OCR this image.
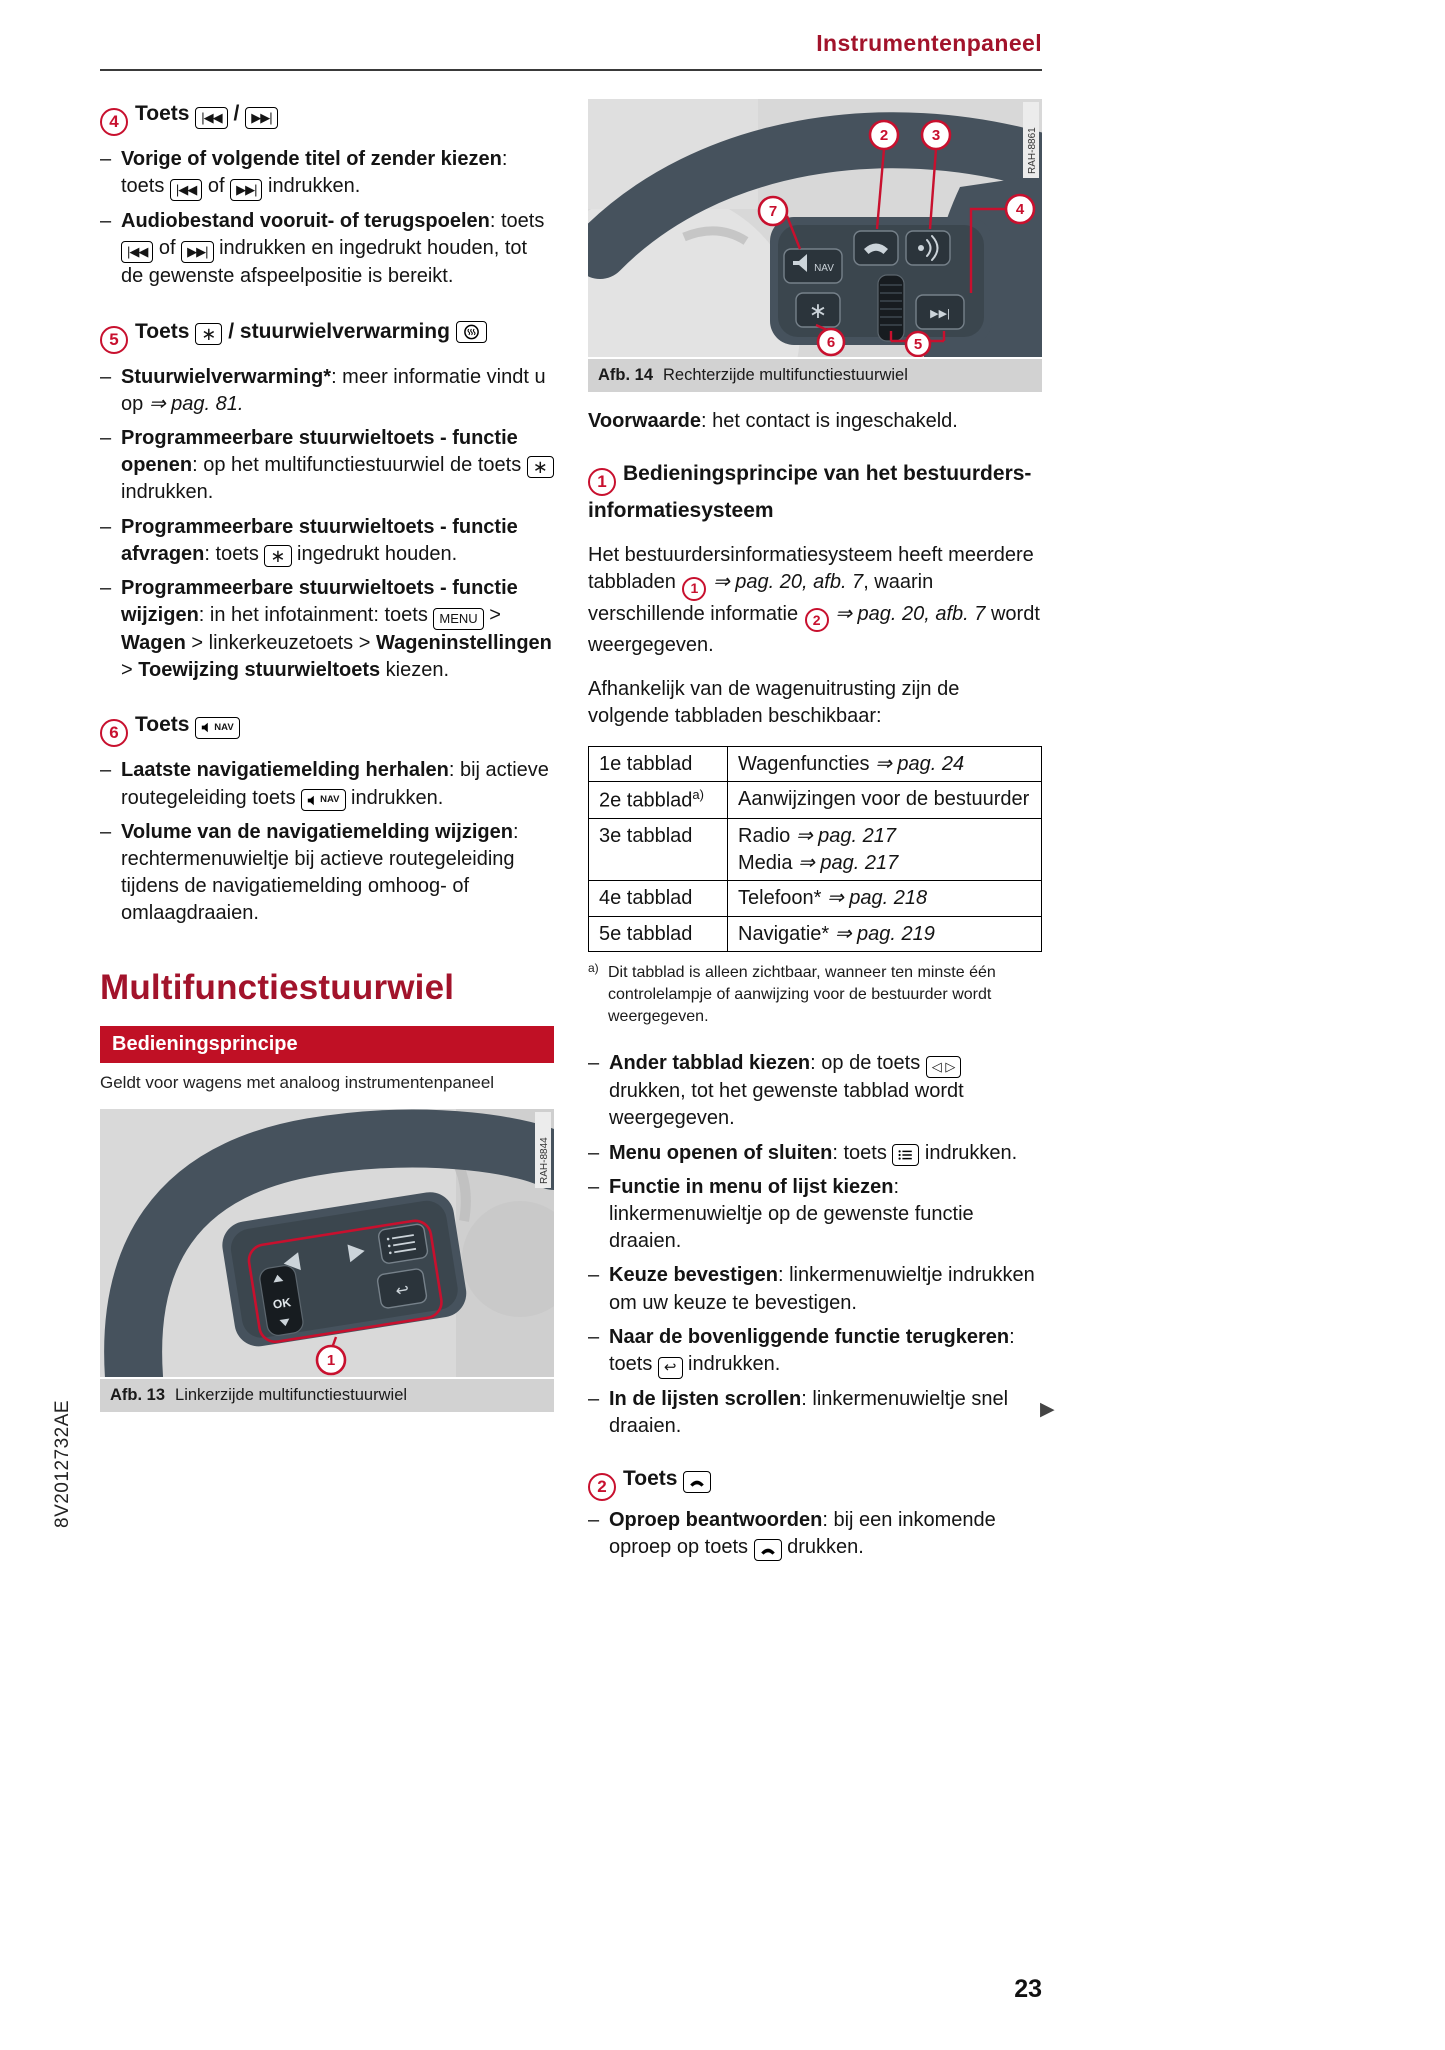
8V2012732AE
Instrumentenpaneel
4 Toets |◀◀ / ▶▶|
– Vorige of volgende titel of zender kiezen: toets |◀◀ of ▶▶| indrukken.
– Audiobestand vooruit- of terugspoelen: toets
|◀◀ of ▶▶| indrukken en ingedrukt houden, tot de gewenste afspeelpositie is bereikt.
5 Toets ∗ / stuurwielverwarming
– Stuurwielverwarming*: meer informatie vindt u op ⇒ pag. 81.
– Programmeerbare stuurwieltoets - functie openen: op het multifunctiestuurwiel de toets ∗
indrukken.
– Programmeerbare stuurwieltoets - functie afvragen: toets ∗ ingedrukt houden.
– Programmeerbare stuurwieltoets - functie wijzigen: in het infotainment: toets MENU > Wagen > linkerkeuzetoets > Wageninstellingen > Toewijzing stuurwieltoets kiezen.
6 Toets	NAV
– Laatste navigatiemelding herhalen: bij actieve routegeleiding toets NAV indrukken.
– Volume van de navigatiemelding wijzigen: rechtermenuwieltje bij actieve routegeleiding tijdens de navigatiemelding omhoog- of omlaagdraaien.
Multifunctiestuurwiel
Bedieningsprincipe
Geldt voor wagens met analoog instrumentenpaneel
OK
↩
1
RAH-8844
Afb. 13 Linkerzijde multifunctiestuurwiel
NAV
∗	▶▶|
2	3
4
7
6	5
RAH-8861
Afb. 14 Rechterzijde multifunctiestuurwiel

Voorwaarde: het contact is ingeschakeld.

1 Bedieningsprincipe van het bestuurders-informatiesysteem

Het bestuurdersinformatiesysteem heeft meerdere tabbladen 1 ⇒ pag. 20, afb. 7, waarin verschillende informatie 2 ⇒ pag. 20, afb. 7 wordt weergegeven.

Afhankelijk van de wagenuitrusting zijn de volgende tabbladen beschikbaar:

1e tabblad	Wagenfuncties ⇒ pag. 24
2e tabblad$^{a)}$	Aanwijzingen voor de bestuurder
3e tabblad	Radio ⇒ pag. 217
Media ⇒ pag. 217

4e tabblad	Telefoon* ⇒ pag. 218
5e tabblad	Navigatie* ⇒ pag. 219
a) Dit tabblad is alleen zichtbaar, wanneer ten minste één controlelampje of aanwijzing voor de bestuurder wordt weergegeven.
– Ander tabblad kiezen: op de toets ◁ ▷
drukken, tot het gewenste tabblad wordt weergegeven.
– Menu openen of sluiten: toets
indrukken.
– Functie in menu of lijst kiezen: linkermenuwieltje op de gewenste functie draaien.
– Keuze bevestigen: linkermenuwieltje indrukken om uw keuze te bevestigen.
– Naar de bovenliggende functie terugkeren: toets ↩ indrukken.
– In de lijsten scrollen: linkermenuwieltje snel draaien.
2 Toets
– Oproep beantwoorden: bij een inkomende oproep op toets
drukken.
▶
23
